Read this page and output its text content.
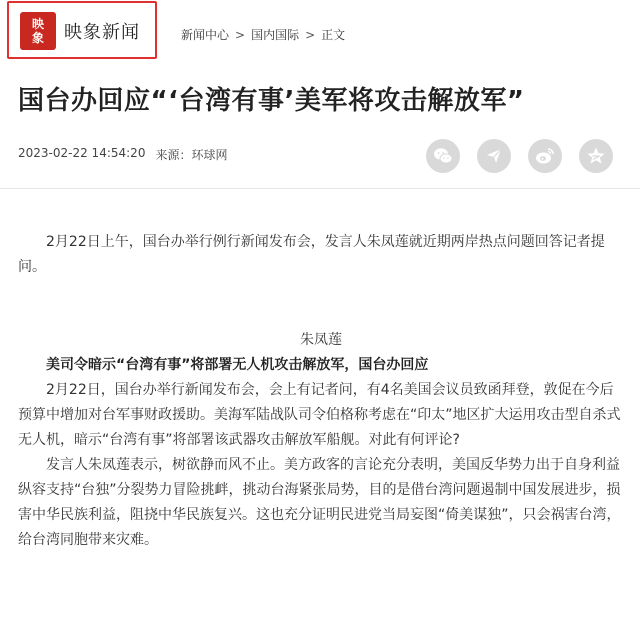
映
象 映象新闻	新闻中心 > 国内国际 > 正文
国台办回应“‘台湾有事’美军将攻击解放军”
2023-02-22 14:54:20 来源：环球网

2月22日上午，国台办举行例行新闻发布会，发言人朱凤莲就近期两岸热点问题回答记者提问。

朱凤莲

美司令暗示“台湾有事”将部署无人机攻击解放军，国台办回应

2月22日，国台办举行新闻发布会，会上有记者问，有4名美国会议员致函拜登，敦促在今后预算中增加对台军事财政援助。美海军陆战队司令伯格称考虑在“印太”地区扩大运用攻击型自杀式无人机，暗示“台湾有事”将部署该武器攻击解放军船舰。对此有何评论?

发言人朱凤莲表示，树欲静而风不止。美方政客的言论充分表明，美国反华势力出于自身利益纵容支持“台独”分裂势力冒险挑衅，挑动台海紧张局势，目的是借台湾问题遏制中国发展进步，损害中华民族利益，阻挠中华民族复兴。这也充分证明民进党当局妄图“倚美谋独”，只会祸害台湾，给台湾同胞带来灾难。
